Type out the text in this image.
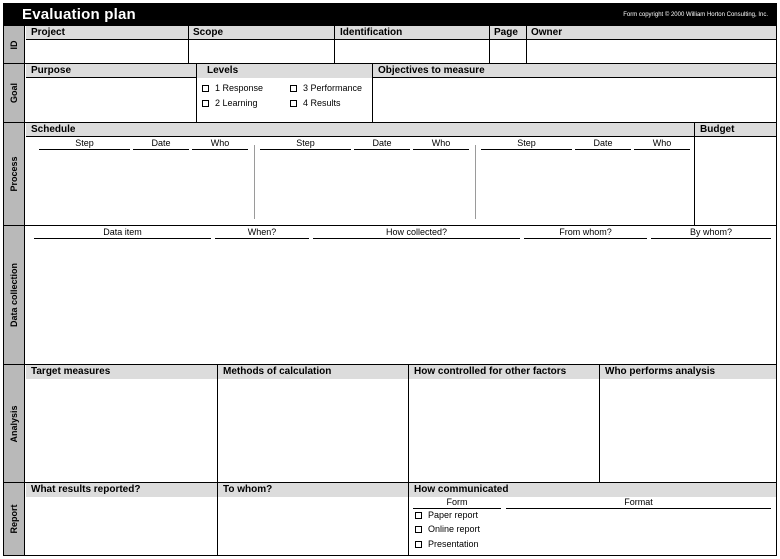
Evaluation plan	Form copyright © 2000 William Horton Consulting, Inc.
ID
Project	Scope	Identification	Page	Owner
Goal
Purpose	Levels	Objectives to measure
1 Response
2 Learning
3 Performance
4 Results
Process
Schedule	Budget
Step	Date	Who	Step	Date	Who	Step	Date	Who
Data collection
Data item	When?	How collected?	From whom?	By whom?
Analysis
Target measures	Methods of calculation	How controlled for other factors	Who performs analysis
Report
What results reported?	To whom?	How communicated
Form	Format
Paper report
Online report
Presentation
